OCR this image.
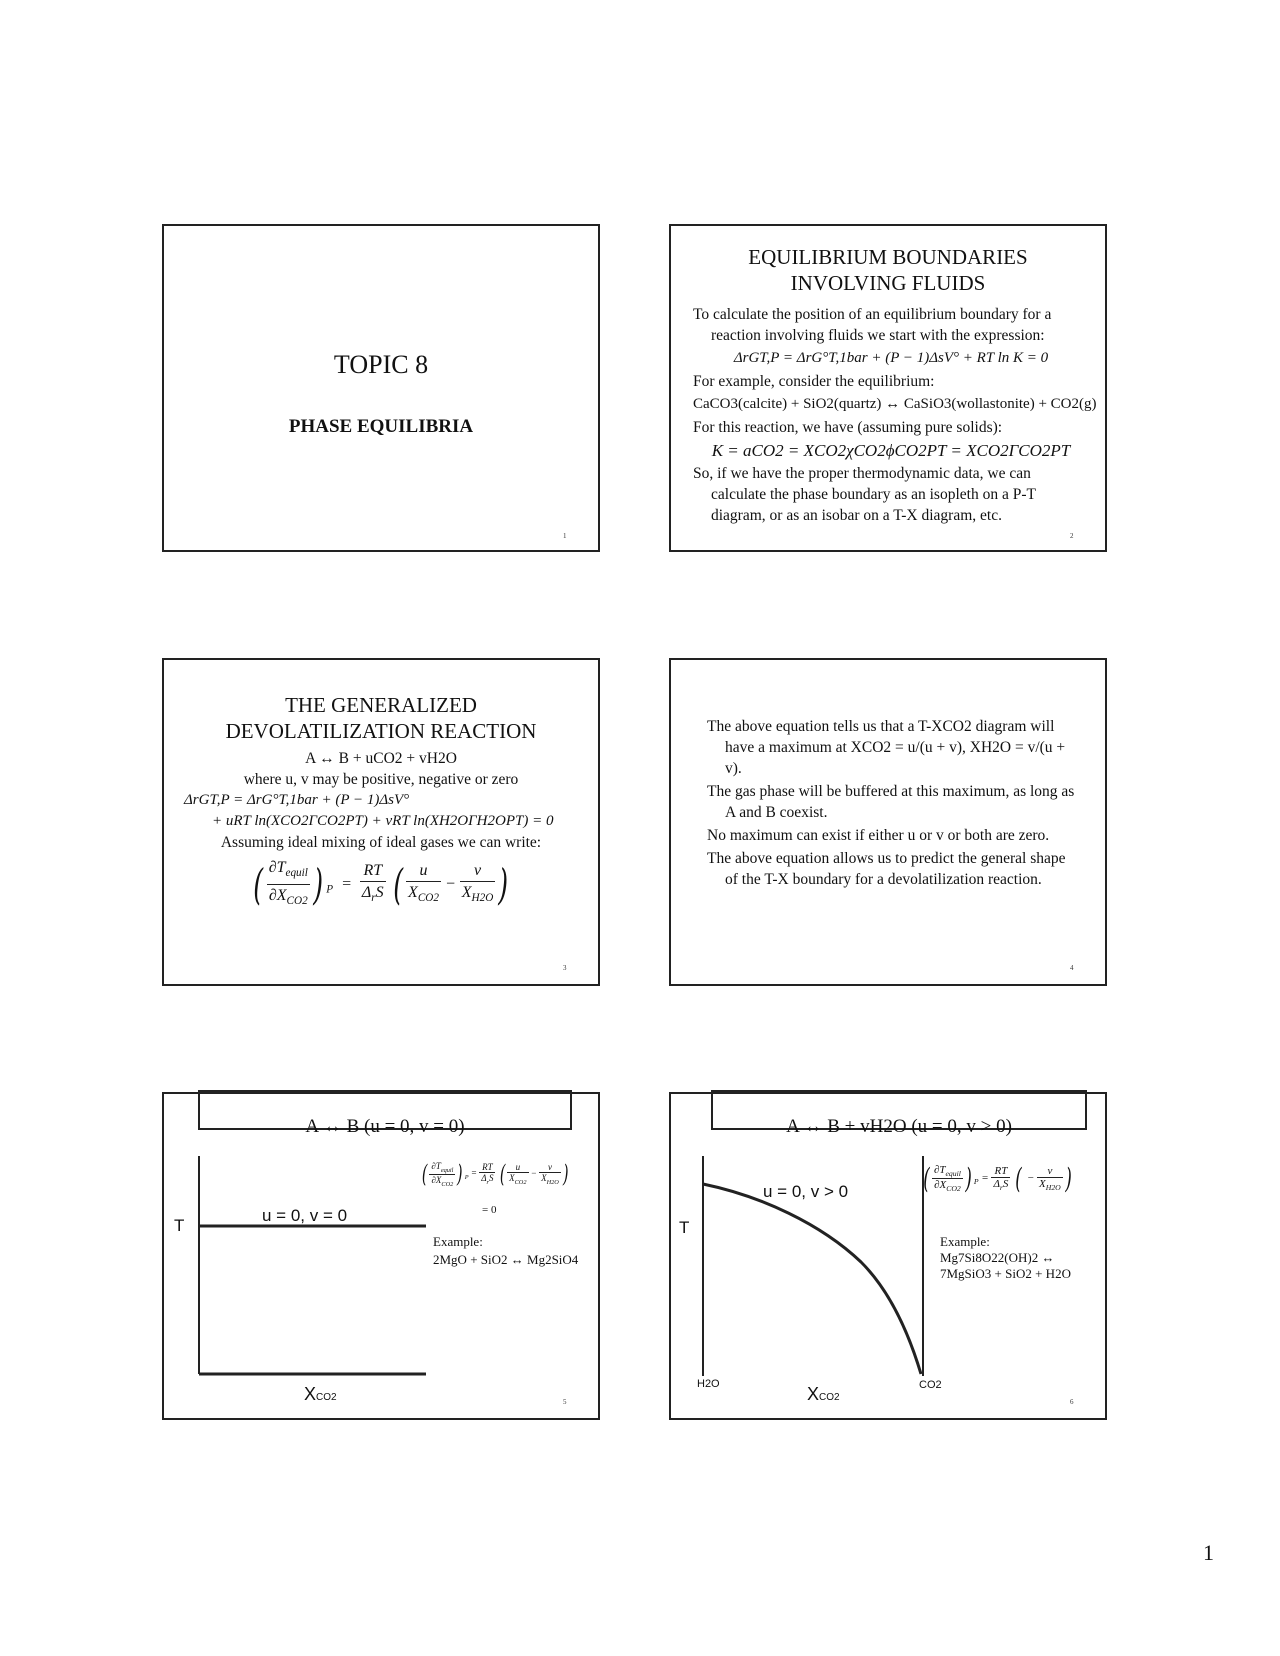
TOPIC 8
PHASE EQUILIBRIA
1
EQUILIBRIUM BOUNDARIES
INVOLVING FLUIDS

To calculate the position of an equilibrium boundary for a reaction involving fluids we start with the expression:

ΔrGT,P = ΔrG°T,1bar + (P − 1)ΔsV° + RT ln K = 0

For example, consider the equilibrium:

CaCO3(calcite) + SiO2(quartz) ↔ CaSiO3(wollastonite) + CO2(g)

For this reaction, we have (assuming pure solids):

K = aCO2 = XCO2χCO2ϕCO2PT = XCO2ΓCO2PT

So, if we have the proper thermodynamic data, we can calculate the phase boundary as an isopleth on a P-T diagram, or as an isobar on a T-X diagram, etc.

2
THE GENERALIZED
DEVOLATILIZATION REACTION
A ↔ B + uCO2 + vH2O
where u, v may be positive, negative or zero
ΔrGT,P = ΔrG°T,1bar + (P − 1)ΔsV°
+ uRT ln(XCO2ΓCO2PT) + vRT ln(XH2OΓH2OPT) = 0
Assuming ideal mixing of ideal gases we can write:
( $\frac{\partial T_{equil}}{\partial X_{CO2}}$ ) $_P = \frac{RT}{\Delta_rS}$ ( $\frac{u}{X_{CO2}} - \frac{v}{X_{H2O}}$ )
3

The above equation tells us that a T-XCO2 diagram will have a maximum at XCO2 = u/(u + v), XH2O = v/(u + v).

The gas phase will be buffered at this maximum, as long as A and B coexist.

No maximum can exist if either u or v or both are zero.

The above equation allows us to predict the general shape of the T-X boundary for a devolatilization reaction.

4
A ↔ B (u = 0, v = 0)
T
u = 0, v = 0
XCO2
( $\frac{\partial T_{equil}}{\partial X_{CO2}}$ ) $_P = \frac{RT}{\Delta_rS}$ ( $\frac{u}{X_{CO2}} - \frac{v}{X_{H2O}}$ )
= 0
Example:
2MgO + SiO2 ↔ Mg2SiO4
5
A ↔ B + vH2O (u = 0, v > 0)
T
u = 0, v > 0
H2O	CO2
XCO2
( $\frac{\partial T_{equil}}{\partial X_{CO2}}$ ) $_P = \frac{RT}{\Delta_rS}$ ( − $\frac{v}{X_{H2O}}$ )
Example:
Mg7Si8O22(OH)2 ↔
7MgSiO3 + SiO2 + H2O
6
1
